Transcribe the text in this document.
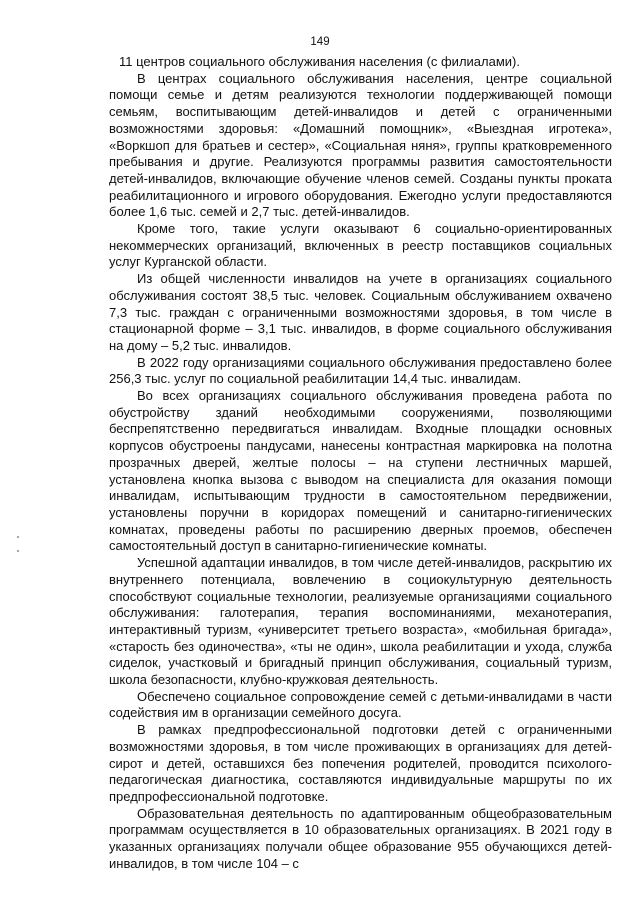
149

11 центров социального обслуживания населения (с филиалами).

В центрах социального обслуживания населения, центре социальной помощи семье и детям реализуются технологии поддерживающей помощи семьям, воспитывающим детей-инвалидов и детей с ограниченными возможностями здоровья: «Домашний помощник», «Выездная игротека», «Воркшоп для братьев и сестер», «Социальная няня», группы кратковременного пребывания и другие. Реализуются программы развития самостоятельности детей-инвалидов, включающие обучение членов семей. Созданы пункты проката реабилитационного и игрового оборудования. Ежегодно услуги предоставляются более 1,6 тыс. семей и 2,7 тыс. детей-инвалидов.

Кроме того, такие услуги оказывают 6 социально-ориентированных некоммерческих организаций, включенных в реестр поставщиков социальных услуг Курганской области.

Из общей численности инвалидов на учете в организациях социального обслуживания состоят 38,5 тыс. человек. Социальным обслуживанием охвачено 7,3 тыс. граждан с ограниченными возможностями здоровья, в том числе в стационарной форме – 3,1 тыс. инвалидов, в форме социального обслуживания на дому – 5,2 тыс. инвалидов.

В 2022 году организациями социального обслуживания предоставлено более 256,3 тыс. услуг по социальной реабилитации 14,4 тыс. инвалидам.

Во всех организациях социального обслуживания проведена работа по обустройству зданий необходимыми сооружениями, позволяющими беспрепятственно передвигаться инвалидам. Входные площадки основных корпусов обустроены пандусами, нанесены контрастная маркировка на полотна прозрачных дверей, желтые полосы – на ступени лестничных маршей, установлена кнопка вызова с выводом на специалиста для оказания помощи инвалидам, испытывающим трудности в самостоятельном передвижении, установлены поручни в коридорах помещений и санитарно-гигиенических комнатах, проведены работы по расширению дверных проемов, обеспечен самостоятельный доступ в санитарно-гигиенические комнаты.

Успешной адаптации инвалидов, в том числе детей-инвалидов, раскрытию их внутреннего потенциала, вовлечению в социокультурную деятельность способствуют социальные технологии, реализуемые организациями социального обслуживания: галотерапия, терапия воспоминаниями, механотерапия, интерактивный туризм, «университет третьего возраста», «мобильная бригада», «старость без одиночества», «ты не один», школа реабилитации и ухода, служба сиделок, участковый и бригадный принцип обслуживания, социальный туризм, школа безопасности, клубно-кружковая деятельность.

Обеспечено социальное сопровождение семей с детьми-инвалидами в части содействия им в организации семейного досуга.

В рамках предпрофессиональной подготовки детей с ограниченными возможностями здоровья, в том числе проживающих в организациях для детей-сирот и детей, оставшихся без попечения родителей, проводится психолого-педагогическая диагностика, составляются индивидуальные маршруты по их предпрофессиональной подготовке.

Образовательная деятельность по адаптированным общеобразовательным программам осуществляется в 10 образовательных организациях. В 2021 году в указанных организациях получали общее образование 955 обучающихся детей-инвалидов, в том числе 104 – с
